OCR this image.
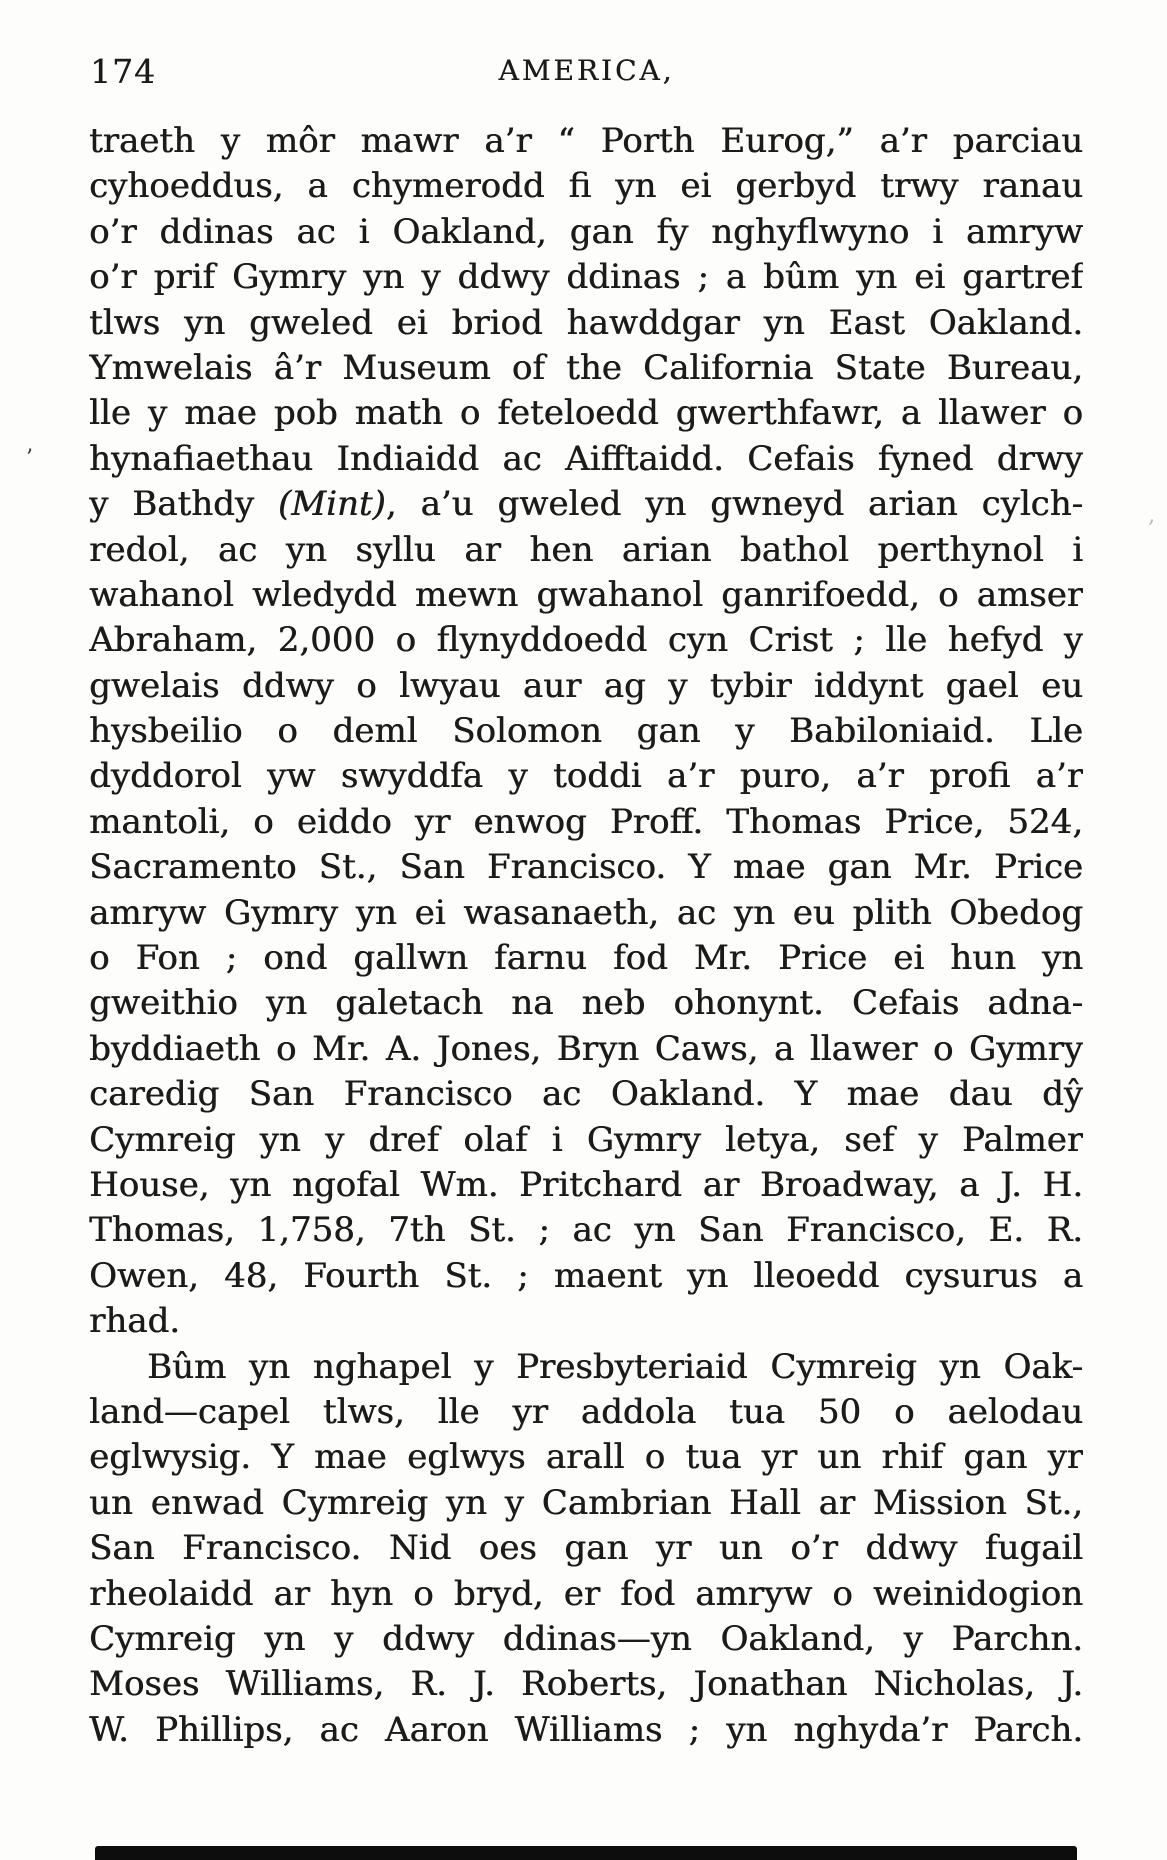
174	AMERICA,
traeth y môr mawr a’r “ Porth Eurog,” a’r parciau
cyhoeddus, a chymerodd fi yn ei gerbyd trwy ranau
o’r ddinas ac i Oakland, gan fy nghyflwyno i amryw
o’r prif Gymry yn y ddwy ddinas ; a bûm yn ei gartref
tlws yn gweled ei briod hawddgar yn East Oakland.
Ymwelais â’r Museum of the California State Bureau,
lle y mae pob math o feteloedd gwerthfawr, a llawer o
hynafiaethau Indiaidd ac Aifftaidd. Cefais fyned drwy
y Bathdy (Mint), a’u gweled yn gwneyd arian cylch-
redol, ac yn syllu ar hen arian bathol perthynol i
wahanol wledydd mewn gwahanol ganrifoedd, o amser
Abraham, 2,000 o flynyddoedd cyn Crist ; lle hefyd y
gwelais ddwy o lwyau aur ag y tybir iddynt gael eu
hysbeilio o deml Solomon gan y Babiloniaid. Lle
dyddorol yw swyddfa y toddi a’r puro, a’r profi a’r
mantoli, o eiddo yr enwog Proff. Thomas Price, 524,
Sacramento St., San Francisco. Y mae gan Mr. Price
amryw Gymry yn ei wasanaeth, ac yn eu plith Obedog
o Fon ; ond gallwn farnu fod Mr. Price ei hun yn
gweithio yn galetach na neb ohonynt. Cefais adna-
byddiaeth o Mr. A. Jones, Bryn Caws, a llawer o Gymry
caredig San Francisco ac Oakland. Y mae dau dŷ
Cymreig yn y dref olaf i Gymry letya, sef y Palmer
House, yn ngofal Wm. Pritchard ar Broadway, a J. H.
Thomas, 1,758, 7th St. ; ac yn San Francisco, E. R.
Owen, 48, Fourth St. ; maent yn lleoedd cysurus a
rhad.
Bûm yn nghapel y Presbyteriaid Cymreig yn Oak-
land—capel tlws, lle yr addola tua 50 o aelodau
eglwysig. Y mae eglwys arall o tua yr un rhif gan yr
un enwad Cymreig yn y Cambrian Hall ar Mission St.,
San Francisco. Nid oes gan yr un o’r ddwy fugail
rheolaidd ar hyn o bryd, er fod amryw o weinidogion
Cymreig yn y ddwy ddinas—yn Oakland, y Parchn.
Moses Williams, R. J. Roberts, Jonathan Nicholas, J.
W. Phillips, ac Aaron Williams ; yn nghyda’r Parch.
’
‚
